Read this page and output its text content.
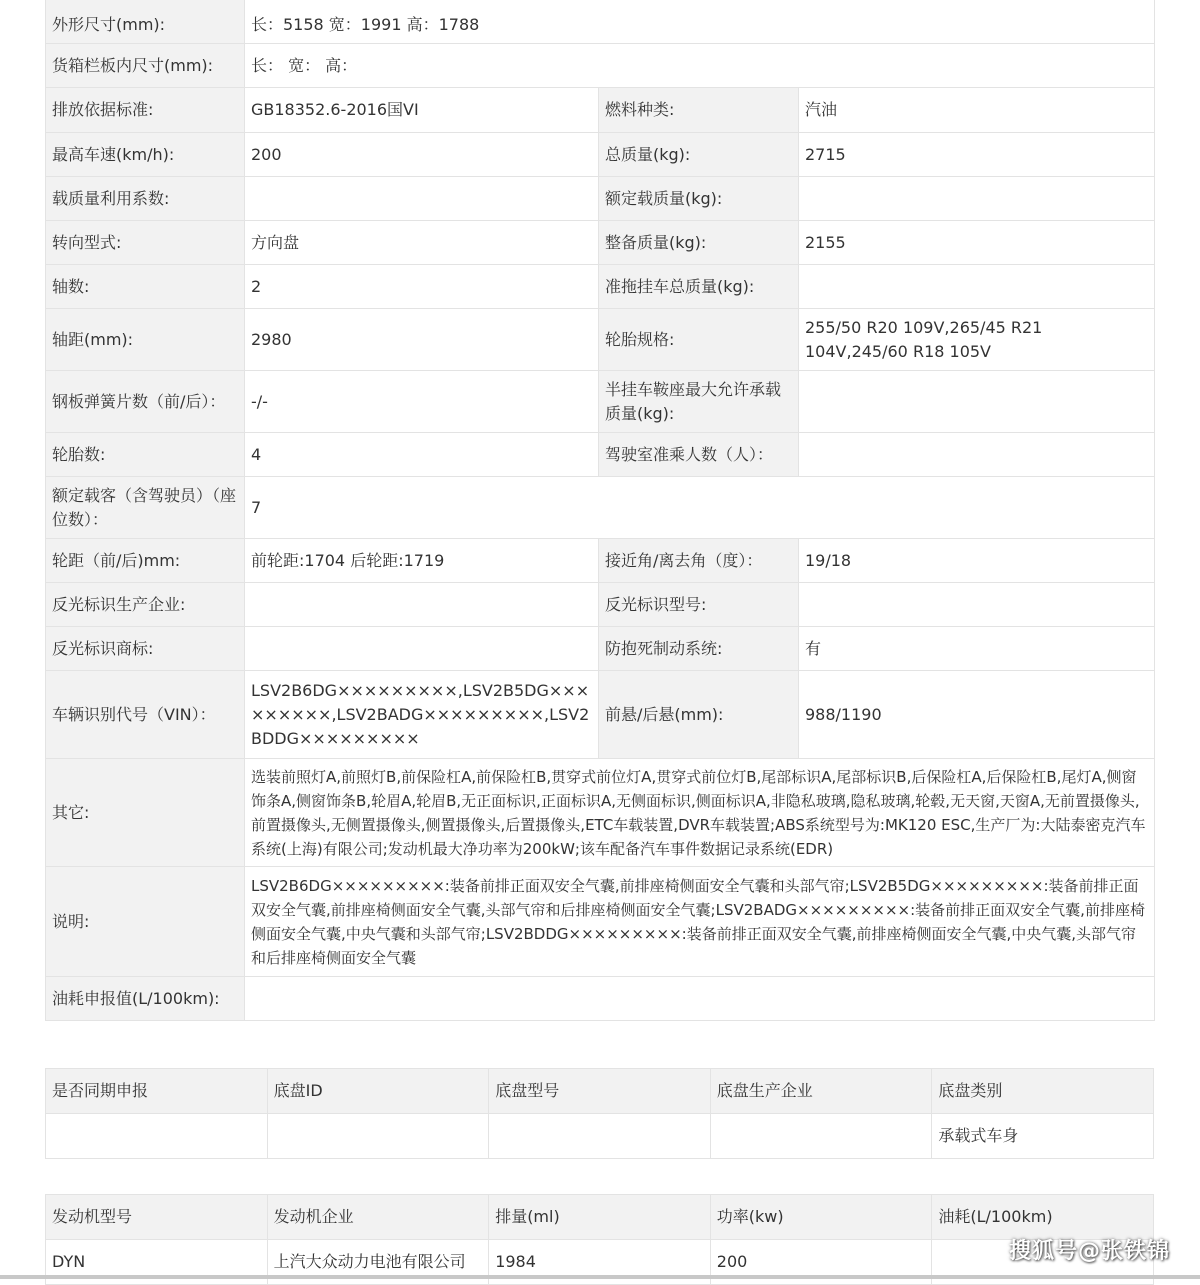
外形尺寸(mm):	长：5158 宽：1991 高：1788		
货箱栏板内尺寸(mm):	长： 宽： 高：		
排放依据标准:	GB18352.6-2016国VI	燃料种类:	汽油
最高车速(km/h):	200	总质量(kg):	2715
载质量利用系数:		额定载质量(kg):	
转向型式:	方向盘	整备质量(kg):	2155
轴数:	2	准拖挂车总质量(kg):	
轴距(mm):	2980	轮胎规格:	255/50 R20 109V,265/45 R21 104V,245/60 R18 105V
钢板弹簧片数（前/后）：	-/-	半挂车鞍座最大允许承载质量(kg):	
轮胎数:	4	驾驶室准乘人数（人）：	
额定载客（含驾驶员）（座位数）：	7		
轮距（前/后)mm:	前轮距:1704 后轮距:1719	接近角/离去角（度）：	19/18
反光标识生产企业:		反光标识型号:	
反光标识商标:		防抱死制动系统:	有
车辆识别代号（VIN）：	LSV2B6DG×××××××××,LSV2B5DG×××××××××,LSV2BADG×××××××××,LSV2BDDG×××××××××	前悬/后悬(mm):	988/1190
其它:	选装前照灯A,前照灯B,前保险杠A,前保险杠B,贯穿式前位灯A,贯穿式前位灯B,尾部标识A,尾部标识B,后保险杠A,后保险杠B,尾灯A,侧窗饰条A,侧窗饰条B,轮眉A,轮眉B,无正面标识,正面标识A,无侧面标识,侧面标识A,非隐私玻璃,隐私玻璃,轮毂,无天窗,天窗A,无前置摄像头,前置摄像头,无侧置摄像头,侧置摄像头,后置摄像头,ETC车载装置,DVR车载装置;ABS系统型号为:MK120 ESC,生产厂为:大陆泰密克汽车系统(上海)有限公司;发动机最大净功率为200kW;该车配备汽车事件数据记录系统(EDR)		
说明:	LSV2B6DG×××××××××:装备前排正面双安全气囊,前排座椅侧面安全气囊和头部气帘;LSV2B5DG×××××××××:装备前排正面双安全气囊,前排座椅侧面安全气囊,头部气帘和后排座椅侧面安全气囊;LSV2BADG×××××××××:装备前排正面双安全气囊,前排座椅侧面安全气囊,中央气囊和头部气帘;LSV2BDDG×××××××××:装备前排正面双安全气囊,前排座椅侧面安全气囊,中央气囊,头部气帘和后排座椅侧面安全气囊		
油耗申报值(L/100km):			
是否同期申报	底盘ID	底盘型号	底盘生产企业	底盘类别
				承载式车身
发动机型号	发动机企业	排量(ml)	功率(kw)	油耗(L/100km)
DYN	上汽大众动力电池有限公司	1984	200		搜狐号@张铁锦
